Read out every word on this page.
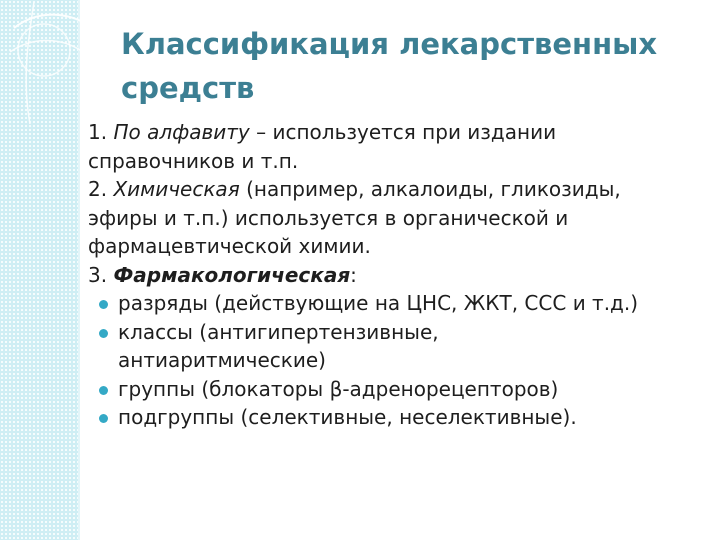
Классификация лекарственных средств
1. По алфавиту – используется при издании
справочников и т.п.
2. Химическая (например, алкалоиды, гликозиды,
эфиры и т.п.) используется в органической и
фармацевтической химии.
3. Фармакологическая:
разряды (действующие на ЦНС, ЖКТ, ССС и т.д.)
классы (антигипертензивные,
антиаритмические)
группы (блокаторы β-адренорецепторов)
подгруппы (селективные, неселективные).
